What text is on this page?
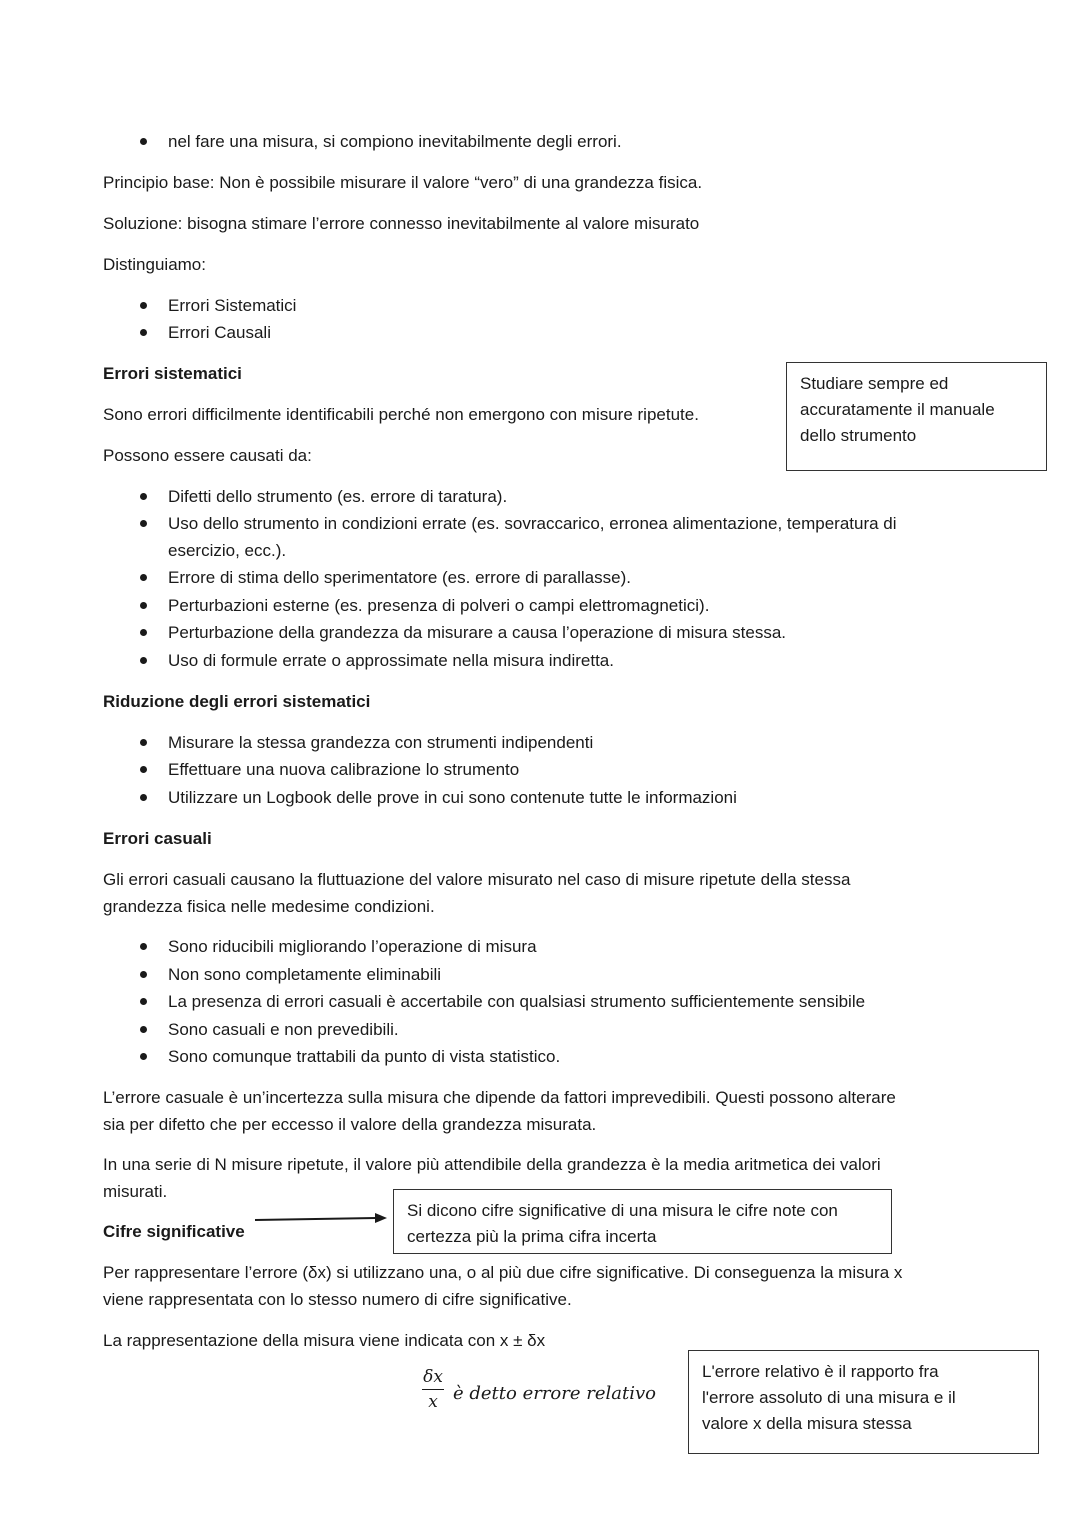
nel fare una misura, si compiono inevitabilmente degli errori.
Principio base: Non è possibile misurare il valore “vero” di una grandezza fisica.
Soluzione: bisogna stimare l’errore connesso inevitabilmente al valore misurato
Distinguiamo:
Errori Sistematici
Errori Causali
Errori sistematici
Sono errori difficilmente identificabili perché non emergono con misure ripetute.
Possono essere causati da:
Studiare sempre ed
accuratamente il manuale
dello strumento
Difetti dello strumento (es. errore di taratura).
Uso dello strumento in condizioni errate (es. sovraccarico, erronea alimentazione, temperatura di
esercizio, ecc.).
Errore di stima dello sperimentatore (es. errore di parallasse).
Perturbazioni esterne (es. presenza di polveri o campi elettromagnetici).
Perturbazione della grandezza da misurare a causa l’operazione di misura stessa.
Uso di formule errate o approssimate nella misura indiretta.
Riduzione degli errori sistematici
Misurare la stessa grandezza con strumenti indipendenti
Effettuare una nuova calibrazione lo strumento
Utilizzare un Logbook delle prove in cui sono contenute tutte le informazioni
Errori casuali
Gli errori casuali causano la fluttuazione del valore misurato nel caso di misure ripetute della stessa
grandezza fisica nelle medesime condizioni.
Sono riducibili migliorando l’operazione di misura
Non sono completamente eliminabili
La presenza di errori casuali è accertabile con qualsiasi strumento sufficientemente sensibile
Sono casuali e non prevedibili.
Sono comunque trattabili da punto di vista statistico.
L’errore casuale è un’incertezza sulla misura che dipende da fattori imprevedibili. Questi possono alterare
sia per difetto che per eccesso il valore della grandezza misurata.
In una serie di N misure ripetute, il valore più attendibile della grandezza è la media aritmetica dei valori
misurati.
Cifre significative
Si dicono cifre significative di una misura le cifre note con
certezza più la prima cifra incerta
Per rappresentare l’errore (δx) si utilizzano una, o al più due cifre significative. Di conseguenza la misura x
viene rappresentata con lo stesso numero di cifre significative.
La rappresentazione della misura viene indicata con x ± δx
δx
x è detto errore relativo
L'errore relativo è il rapporto fra
l'errore assoluto di una misura e il
valore x della misura stessa
